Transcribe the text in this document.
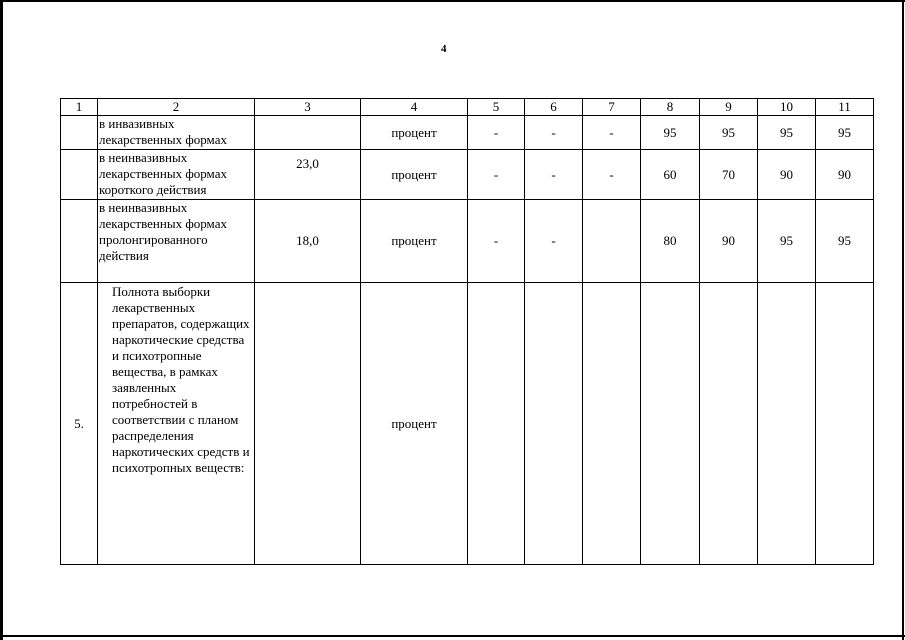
4
1	2	3	4	5	6	7	8	9	10	11
	в инвазивных лекарственных формах		процент	-	-	-	95	95	95	95
	в неинвазивных лекарственных формах короткого действия	23,0	процент	-	-	-	60	70	90	90
	в неинвазивных лекарственных формах пролонгированного действия	18,0	процент	-	-		80	90	95	95
5.	Полнота выборки лекарственных препаратов, содержащих наркотические средства и психотропные вещества, в рамках заявленных потребностей в соответствии с планом распределения наркотических средств и психотропных веществ:		процент							
